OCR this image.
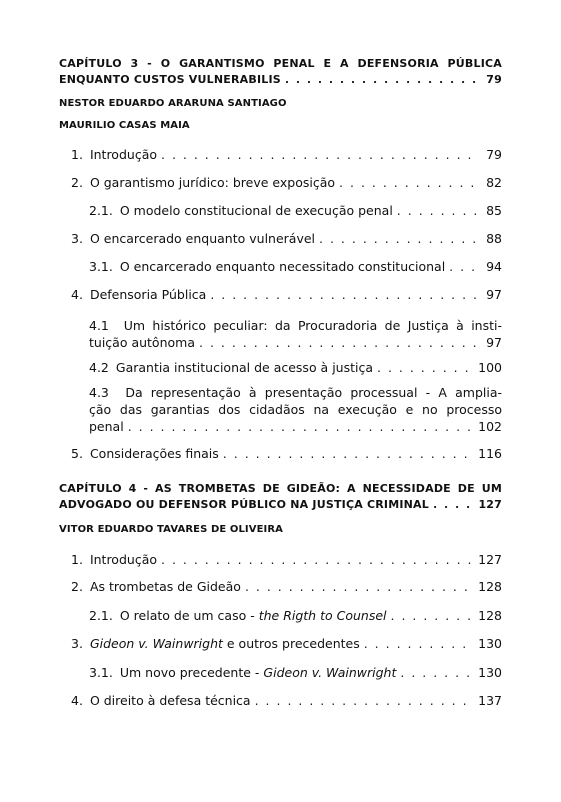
CAPÍTULO 3 - O GARANTISMO PENAL E A DEFENSORIA PÚBLICA
ENQUANTO CUSTOS VULNERABILIS . . .	79
NESTOR EDUARDO ARARUNA SANTIAGO
MAURILIO CASAS MAIA
1. Introdução . . .	79
2. O garantismo jurídico: breve exposição . . .	82
2.1. O modelo constitucional de execução penal . . .	85
3. O encarcerado enquanto vulnerável . . .	88
3.1. O encarcerado enquanto necessitado constitucional . . .	94
4. Defensoria Pública . . .	97
4.1 Um histórico peculiar: da Procuradoria de Justiça à insti-
tuição autônoma . . .	97
4.2 Garantia institucional de acesso à justiça . . .	100
4.3 Da representação à presentação processual - A amplia-
ção das garantias dos cidadãos na execução e no processo
penal . . .	102
5. Considerações finais . . .	116
CAPÍTULO 4 - AS TROMBETAS DE GIDEÃO: A NECESSIDADE DE UM
ADVOGADO OU DEFENSOR PÚBLICO NA JUSTIÇA CRIMINAL . . .	127
VITOR EDUARDO TAVARES DE OLIVEIRA
1. Introdução . . .	127
2. As trombetas de Gideão . . .	128
2.1. O relato de um caso - the Rigth to Counsel . . .	128
3. Gideon v. Wainwright e outros precedentes . . .	130
3.1. Um novo precedente - Gideon v. Wainwright . . .	130
4. O direito à defesa técnica . . .	137
